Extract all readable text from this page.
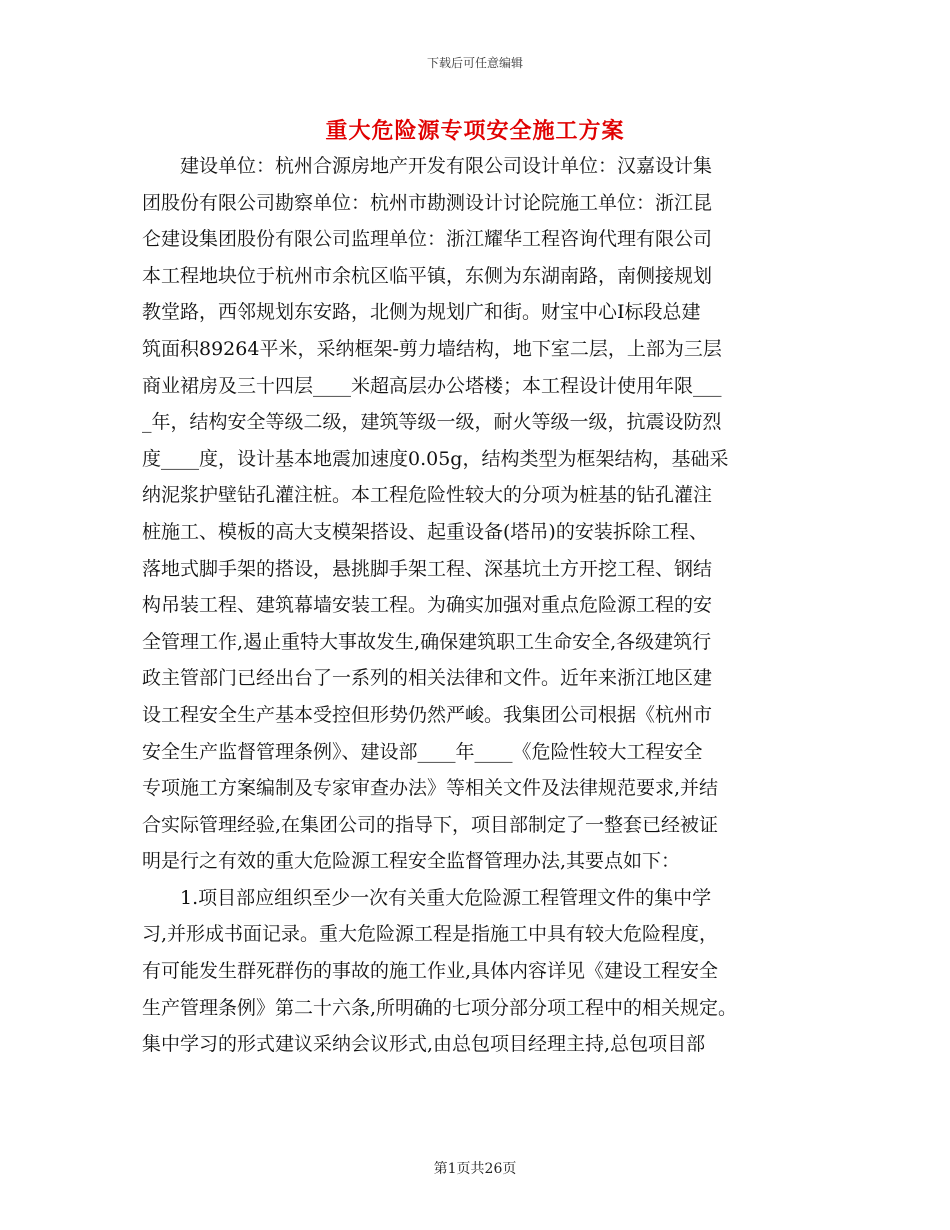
下载后可任意编辑
重大危险源专项安全施工方案
　　建设单位：杭州合源房地产开发有限公司设计单位：汉嘉设计集
团股份有限公司勘察单位：杭州市勘测设计讨论院施工单位：浙江昆
仑建设集团股份有限公司监理单位：浙江耀华工程咨询代理有限公司
本工程地块位于杭州市余杭区临平镇，东侧为东湖南路，南侧接规划
教堂路，西邻规划东安路，北侧为规划广和街。财宝中心Ⅰ标段总建
筑面积89264平米，采纳框架-剪力墙结构，地下室二层，上部为三层
商业裙房及三十四层____米超高层办公塔楼；本工程设计使用年限___
_年，结构安全等级二级，建筑等级一级，耐火等级一级，抗震设防烈
度____度，设计基本地震加速度0.05g，结构类型为框架结构，基础采
纳泥浆护壁钻孔灌注桩。本工程危险性较大的分项为桩基的钻孔灌注
桩施工、模板的高大支模架搭设、起重设备(塔吊)的安装拆除工程、
落地式脚手架的搭设，悬挑脚手架工程、深基坑土方开挖工程、钢结
构吊装工程、建筑幕墙安装工程。为确实加强对重点危险源工程的安
全管理工作,遏止重特大事故发生,确保建筑职工生命安全,各级建筑行
政主管部门已经出台了一系列的相关法律和文件。近年来浙江地区建
设工程安全生产基本受控但形势仍然严峻。我集团公司根据《杭州市
安全生产监督管理条例》、建设部____年____《危险性较大工程安全
专项施工方案编制及专家审查办法》等相关文件及法律规范要求,并结
合实际管理经验,在集团公司的指导下，项目部制定了一整套已经被证
明是行之有效的重大危险源工程安全监督管理办法,其要点如下：
　　1.项目部应组织至少一次有关重大危险源工程管理文件的集中学
习,并形成书面记录。重大危险源工程是指施工中具有较大危险程度，
有可能发生群死群伤的事故的施工作业,具体内容详见《建设工程安全
生产管理条例》第二十六条,所明确的七项分部分项工程中的相关规定。
集中学习的形式建议采纳会议形式,由总包项目经理主持,总包项目部
第1页共26页
